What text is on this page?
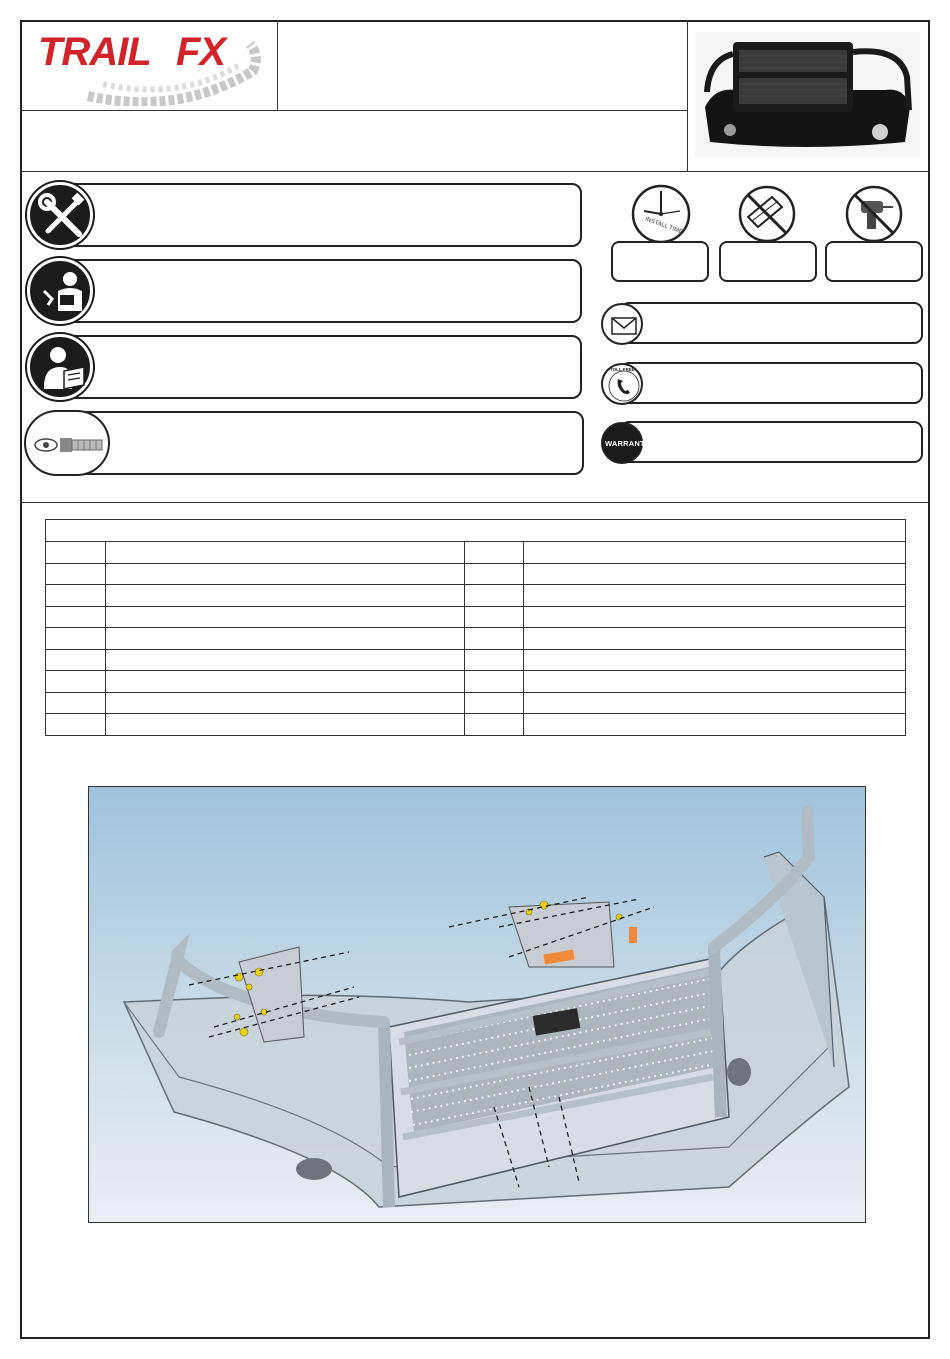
TRAIL FX
INSTALL TIME
TOLL FREE
WARRANTY
